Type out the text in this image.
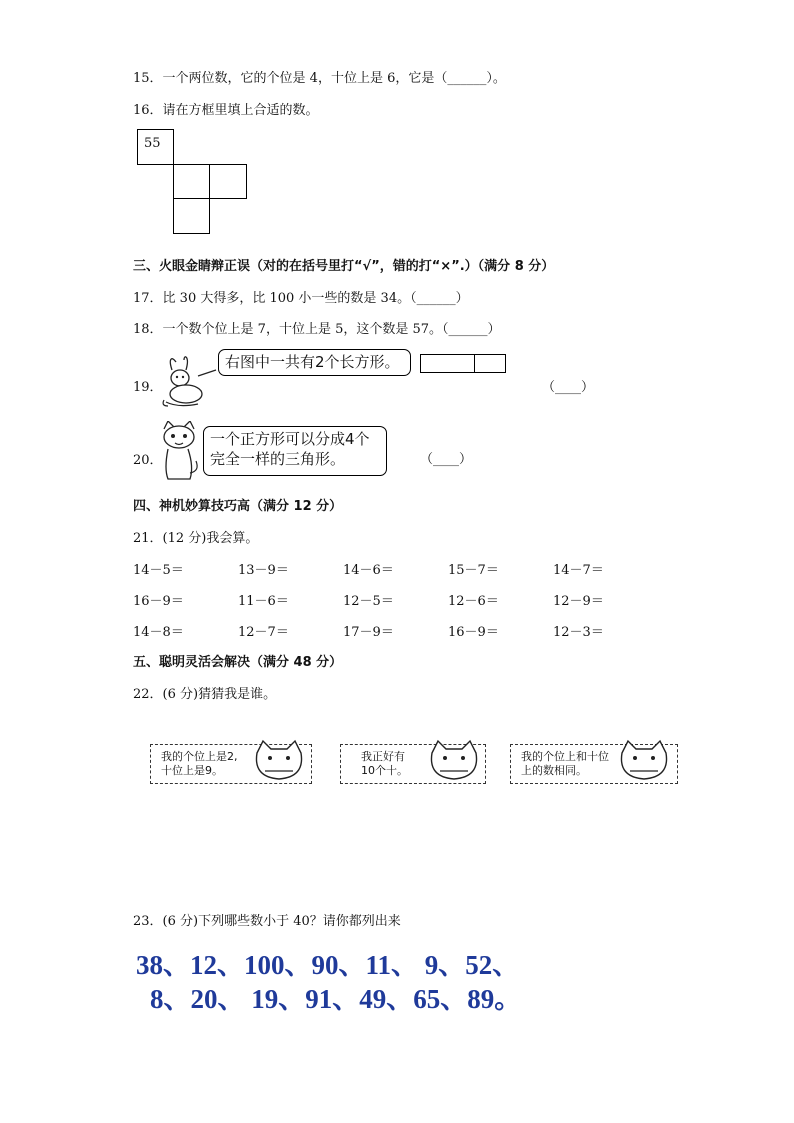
15．一个两位数，它的个位是 4，十位上是 6，它是（______）。
16．请在方框里填上合适的数。
55
三、火眼金睛辩正误（对的在括号里打“√”，错的打“×”.）（满分 8 分）
17．比 30 大得多，比 100 小一些的数是 34。（______）
18．一个数个位上是 7，十位上是 5，这个数是 57。（______）
19．
右图中一共有2个长方形。
（____）
20．
一个正方形可以分成4个
完全一样的三角形。	（____）
四、神机妙算技巧高（满分 12 分）
21．(12 分)我会算。
14－5＝	13－9＝	14－6＝	15－7＝	14－7＝
16－9＝	11－6＝	12－5＝	12－6＝	12－9＝
14－8＝	12－7＝	17－9＝	16－9＝	12－3＝
五、聪明灵活会解决（满分 48 分）
22．(6 分)猜猜我是谁。
我的个位上是2,
十位上是9。
我正好有
10个十。
我的个位上和十位
上的数相同。
23．(6 分)下列哪些数小于 40？请你都列出来
38、12、100、90、11、 9、52、
8、20、 19、91、49、65、89。
